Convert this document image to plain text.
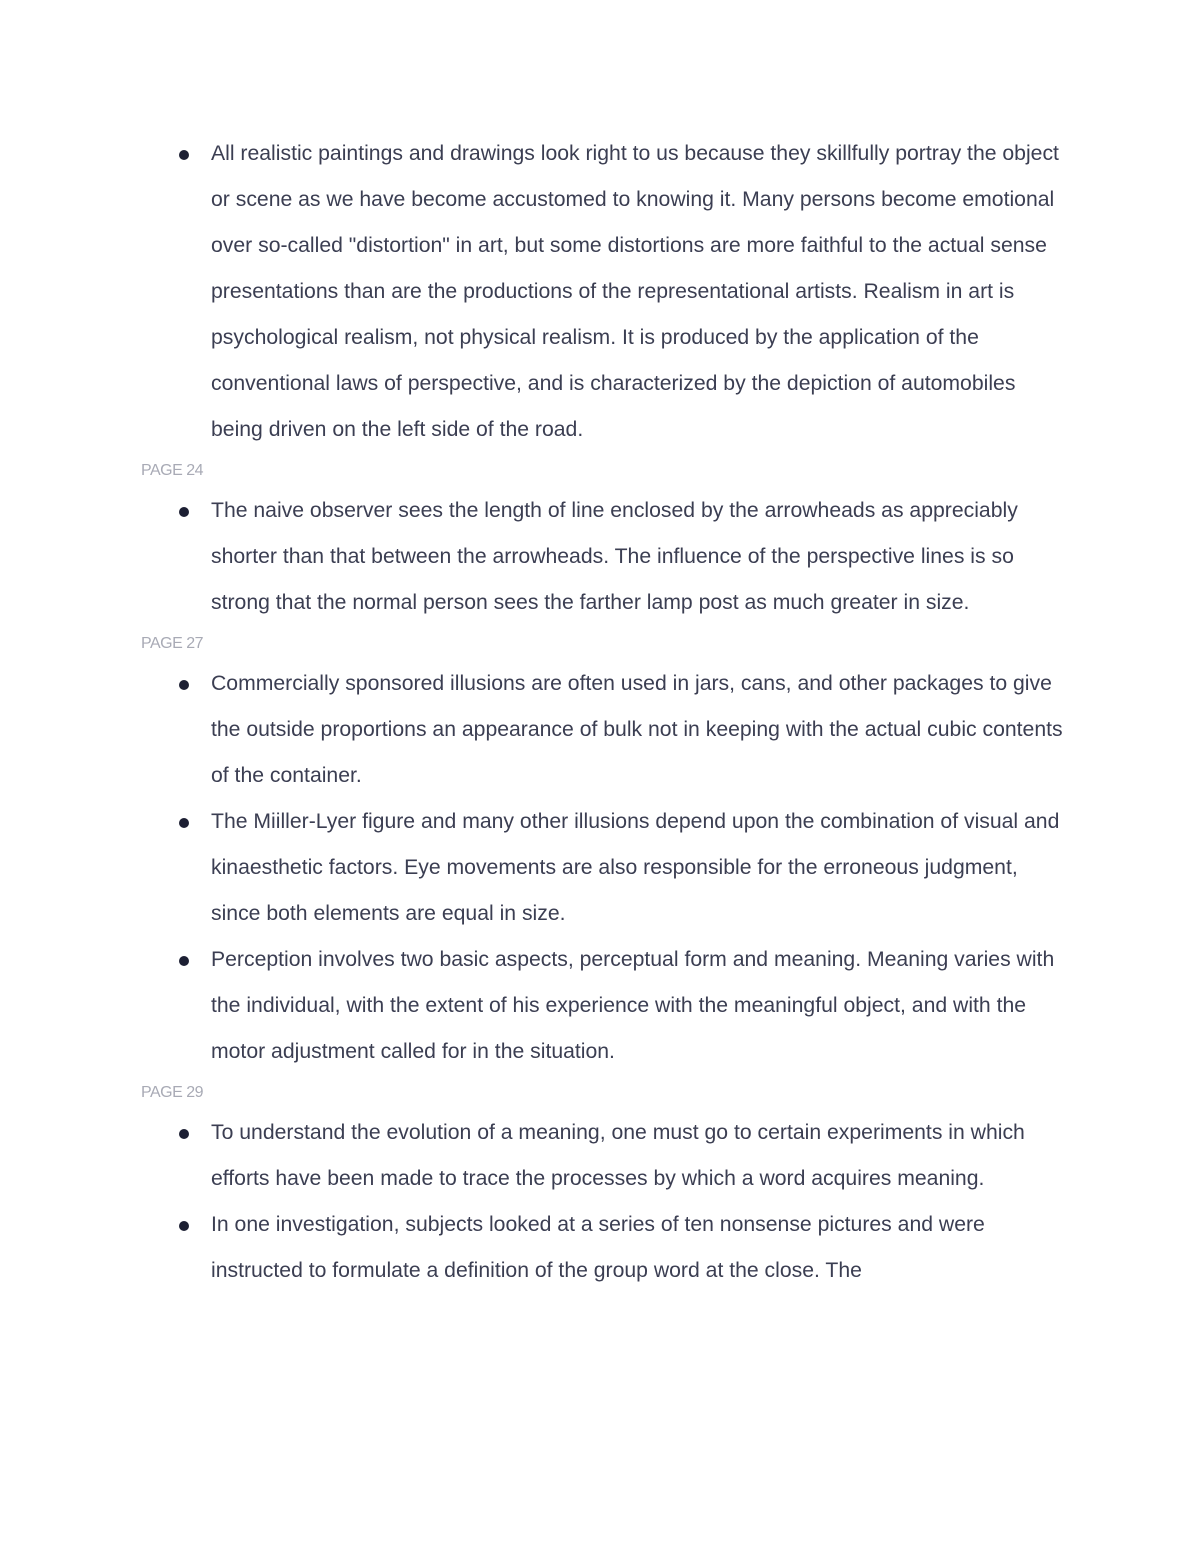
All realistic paintings and drawings look right to us because they skillfully portray the object or scene as we have become accustomed to knowing it. Many persons become emotional over so-called "distortion" in art, but some distortions are more faithful to the actual sense presentations than are the productions of the representational artists. Realism in art is psychological realism, not physical realism. It is produced by the application of the conventional laws of perspective, and is characterized by the depiction of automobiles being driven on the left side of the road.
PAGE 24
The naive observer sees the length of line enclosed by the arrowheads as appreciably shorter than that between the arrowheads. The influence of the perspective lines is so strong that the normal person sees the farther lamp post as much greater in size.
PAGE 27
Commercially sponsored illusions are often used in jars, cans, and other packages to give the outside proportions an appearance of bulk not in keeping with the actual cubic contents of the container.
The Miiller-Lyer figure and many other illusions depend upon the combination of visual and kinaesthetic factors. Eye movements are also responsible for the erroneous judgment, since both elements are equal in size.
Perception involves two basic aspects, perceptual form and meaning. Meaning varies with the individual, with the extent of his experience with the meaningful object, and with the motor adjustment called for in the situation.
PAGE 29
To understand the evolution of a meaning, one must go to certain experiments in which efforts have been made to trace the processes by which a word acquires meaning.
In one investigation, subjects looked at a series of ten nonsense pictures and were instructed to formulate a definition of the group word at the close. The
